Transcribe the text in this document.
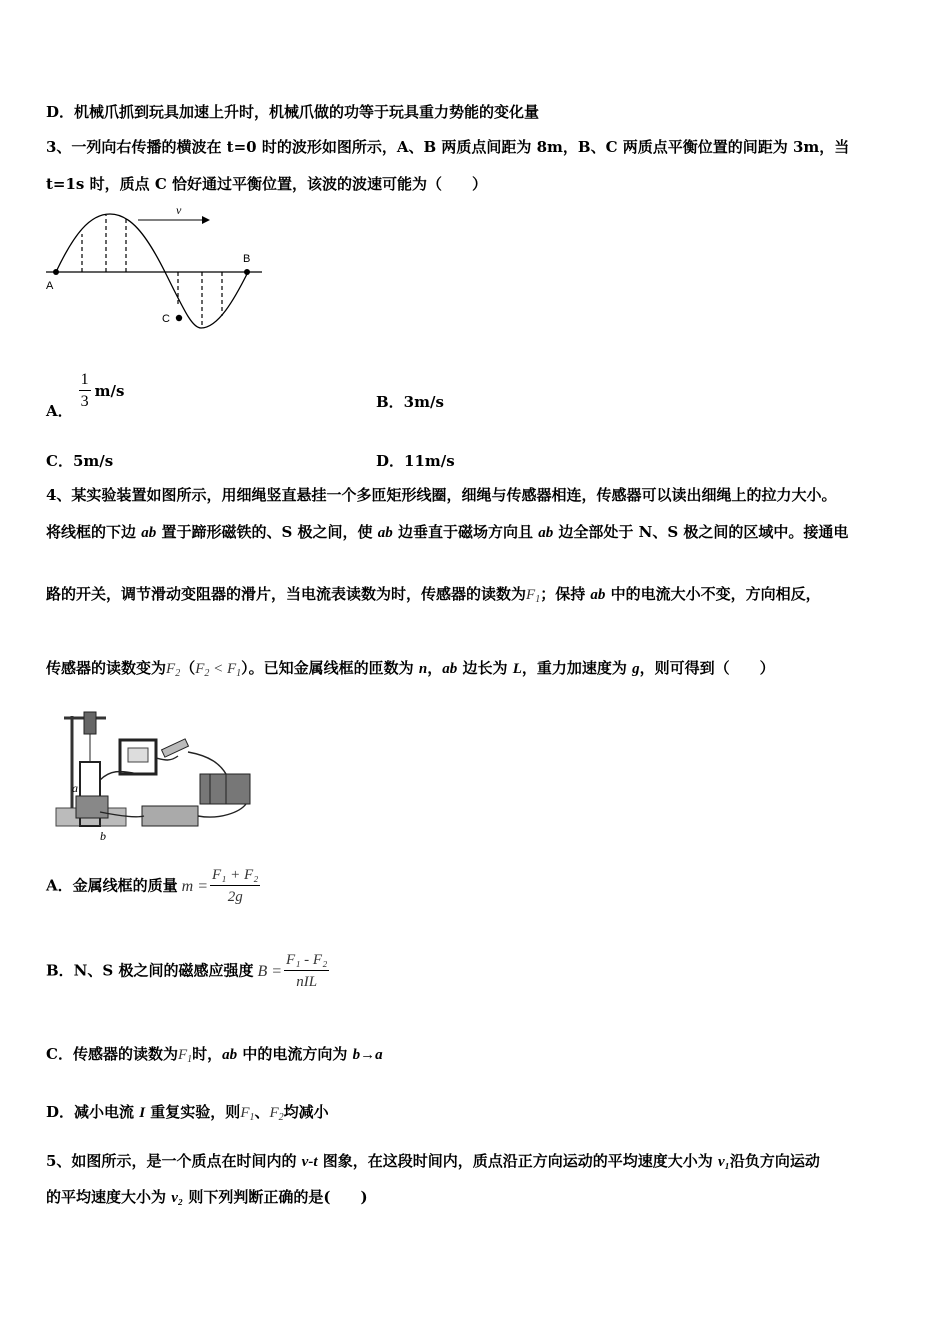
D．机械爪抓到玩具加速上升时，机械爪做的功等于玩具重力势能的变化量
3、一列向右传播的横波在 t=0 时的波形如图所示，A、B 两质点间距为 8m，B、C 两质点平衡位置的间距为 3m，当
t=1s 时，质点 C 恰好通过平衡位置，该波的波速可能为（　　）
v
A
B
C
A． $\frac{1}{3} m/s$
B．3m/s
C．5m/s	D．11m/s
4、某实验装置如图所示，用细绳竖直悬挂一个多匝矩形线圈，细绳与传感器相连，传感器可以读出细绳上的拉力大小。
将线框的下边 ab 置于蹄形磁铁的、S 极之间，使 ab 边垂直于磁场方向且 ab 边全部处于 N、S 极之间的区域中。接通电
路的开关，调节滑动变阻器的滑片，当电流表读数为时，传感器的读数为$F_1$；保持 ab 中的电流大小不变，方向相反，
传感器的读数变为$F_2(F_2 < F_1)$。已知金属线框的匝数为 n，ab 边长为 L，重力加速度为 g，则可得到（　　）
a
b
A．金属线框的质量 $m = \frac{\text{F₁ + F₂}}{2g}$
B．N、S 极之间的磁感应强度 $B = \frac{\text{F₁ - F₂}}{\text{nIL}}$
C．传感器的读数为$F_1$时，ab 中的电流方向为 b→a
D．减小电流 I 重复实验，则$F_1$、$F_2$均减小
5、如图所示，是一个质点在时间内的 v-t 图象，在这段时间内，质点沿正方向运动的平均速度大小为 v₁沿负方向运动
的平均速度大小为 v₂ 则下列判断正确的是(　　)
